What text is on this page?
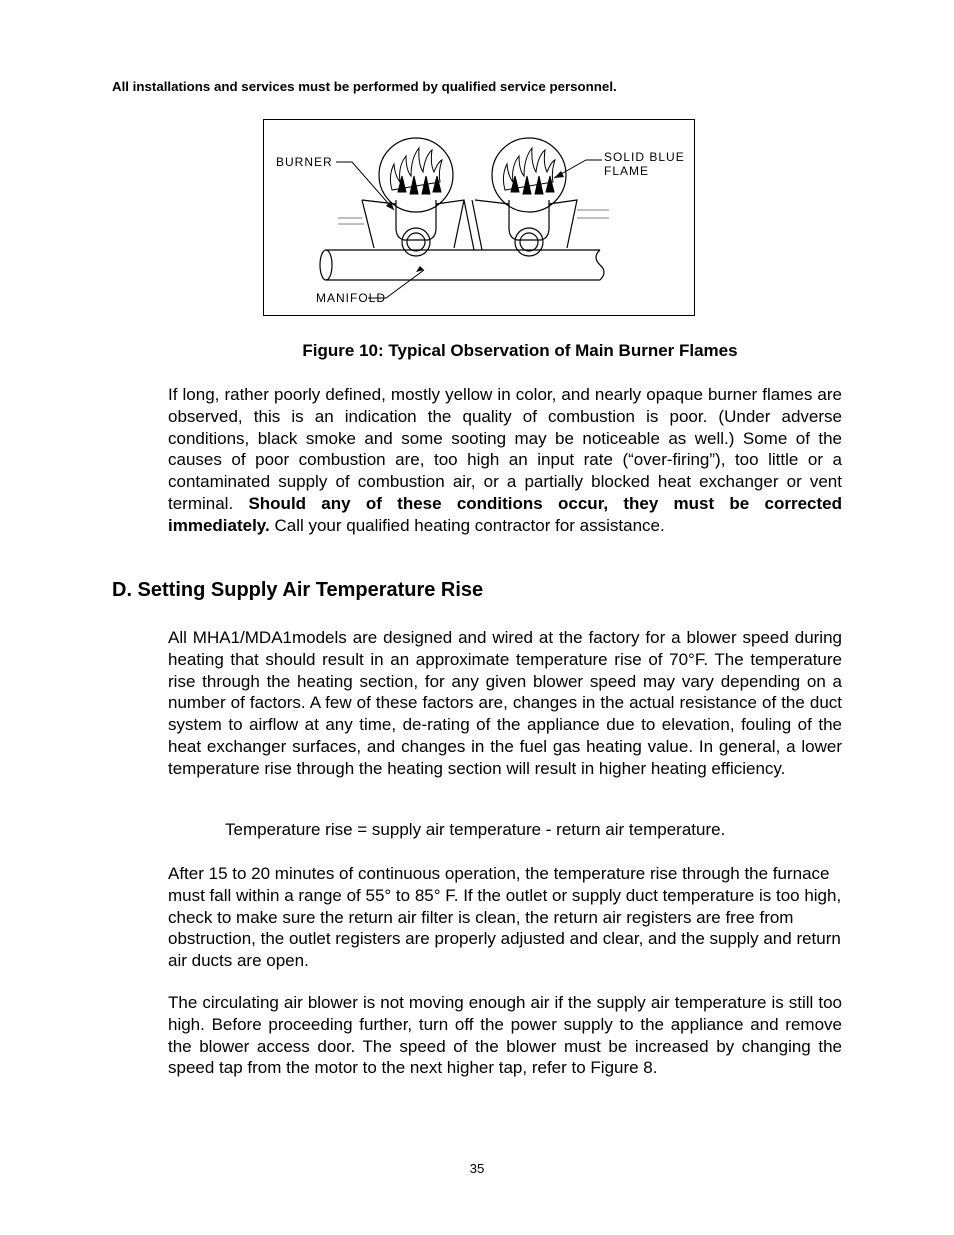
All installations and services must be performed by qualified service personnel.
BURNER	SOLID BLUE
FLAME
MANIFOLD
Figure 10: Typical Observation of Main Burner Flames

If long, rather poorly defined, mostly yellow in color, and nearly opaque burner flames are observed, this is an indication the quality of combustion is poor. (Under adverse conditions, black smoke and some sooting may be noticeable as well.) Some of the causes of poor combustion are, too high an input rate (“over-firing”), too little or a contaminated supply of combustion air, or a partially blocked heat exchanger or vent terminal. Should any of these conditions occur, they must be corrected immediately. Call your qualified heating contractor for assistance.

D. Setting Supply Air Temperature Rise

All MHA1/MDA1models are designed and wired at the factory for a blower speed during heating that should result in an approximate temperature rise of 70°F. The temperature rise through the heating section, for any given blower speed may vary depending on a number of factors. A few of these factors are, changes in the actual resistance of the duct system to airflow at any time, de-rating of the appliance due to elevation, fouling of the heat exchanger surfaces, and changes in the fuel gas heating value. In general, a lower temperature rise through the heating section will result in higher heating efficiency.

Temperature rise = supply air temperature - return air temperature.

After 15 to 20 minutes of continuous operation, the temperature rise through the furnace must fall within a range of 55° to 85° F. If the outlet or supply duct temperature is too high, check to make sure the return air filter is clean, the return air registers are free from obstruction, the outlet registers are properly adjusted and clear, and the supply and return air ducts are open.

The circulating air blower is not moving enough air if the supply air temperature is still too high. Before proceeding further, turn off the power supply to the appliance and remove the blower access door. The speed of the blower must be increased by changing the speed tap from the motor to the next higher tap, refer to Figure 8.

35
